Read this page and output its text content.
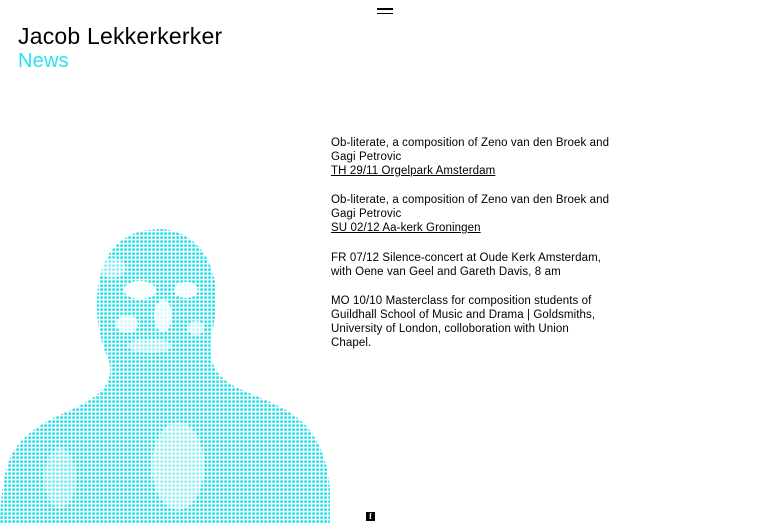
Jacob Lekkerkerker
News
Ob-literate, a composition of Zeno van den Broek and Gagi Petrovic
TH 29/11 Orgelpark Amsterdam
Ob-literate, a composition of Zeno van den Broek and Gagi Petrovic
SU 02/12 Aa-kerk Groningen
FR 07/12 Silence-concert at Oude Kerk Amsterdam, with Oene van Geel and Gareth Davis, 8 am
MO 10/10 Masterclass for composition students of Guildhall School of Music and Drama | Goldsmiths, University of London, colloboration with Union Chapel.
f
